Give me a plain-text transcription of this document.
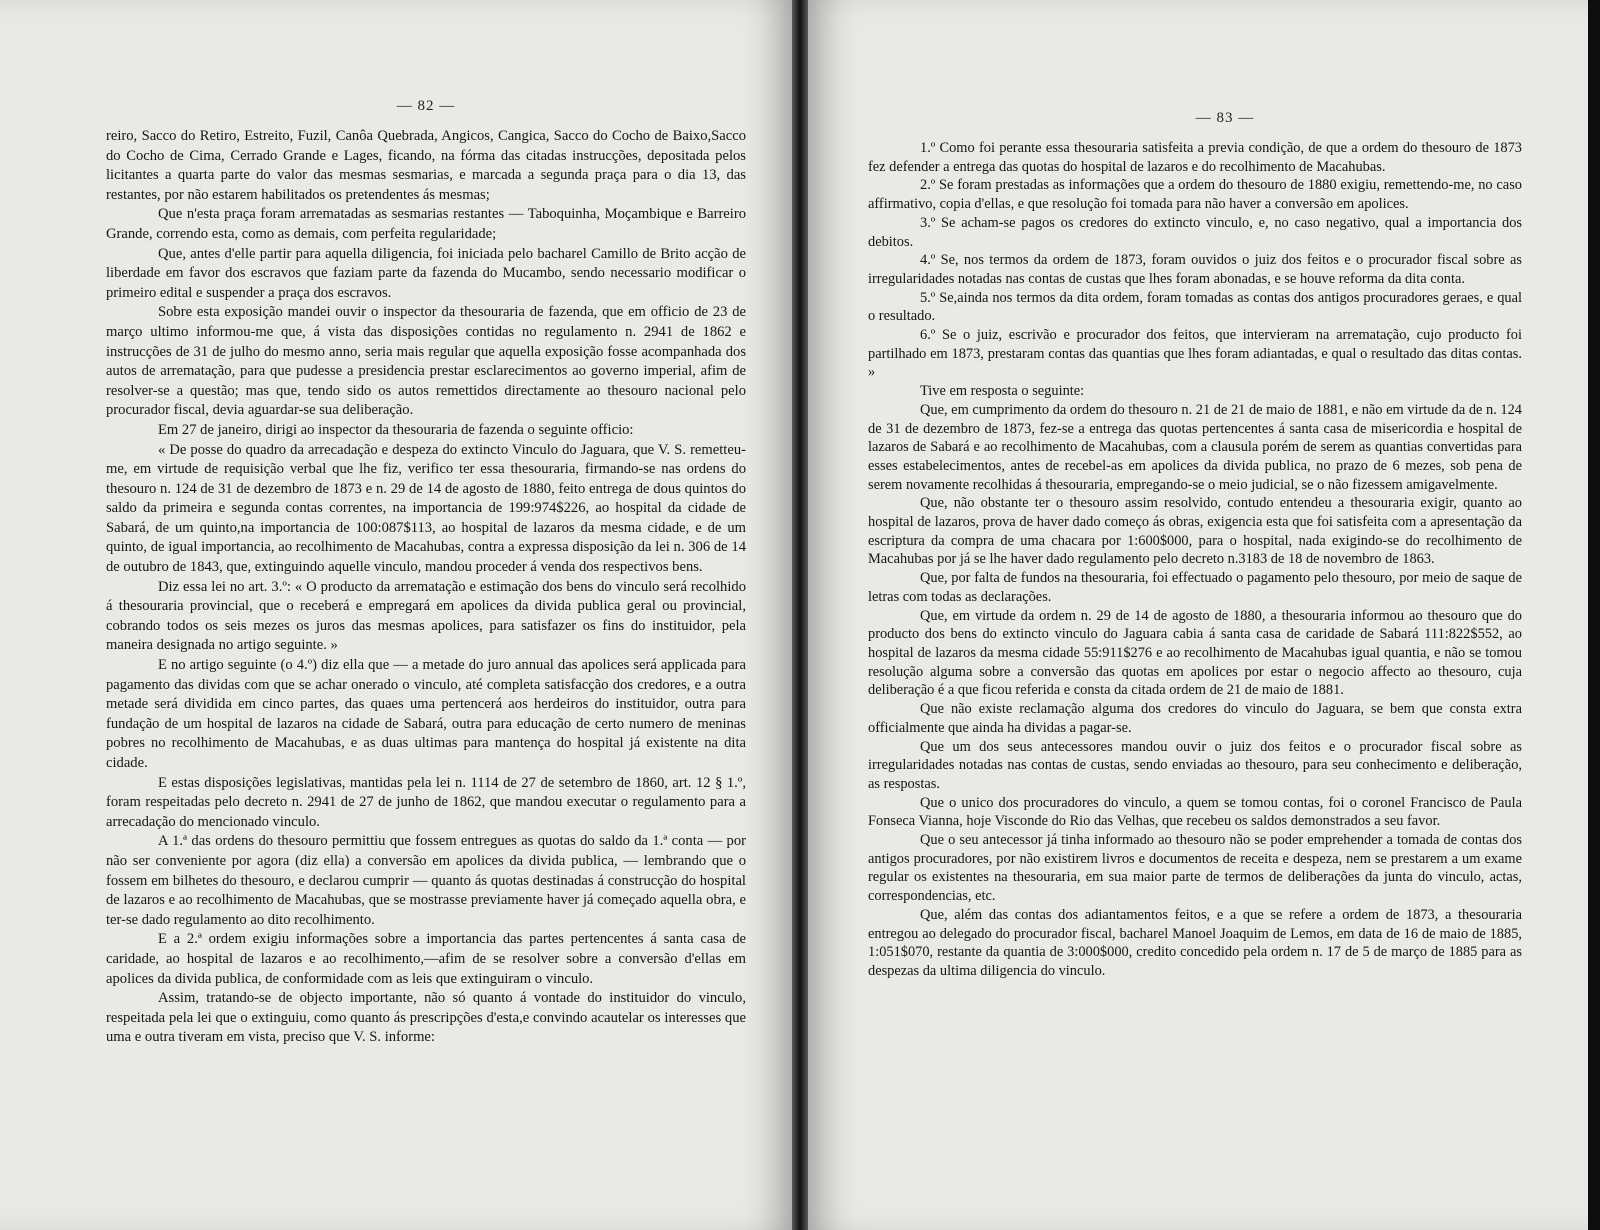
— 82 —

reiro, Sacco do Retiro, Estreito, Fuzil, Canôa Quebrada, Angicos, Cangica, Sacco do Cocho de Baixo,Sacco do Cocho de Cima, Cerrado Grande e Lages, ficando, na fórma das citadas instrucções, depositada pelos licitantes a quarta parte do valor das mesmas sesmarias, e marcada a segunda praça para o dia 13, das restantes, por não estarem habilitados os pretendentes ás mesmas;

Que n'esta praça foram arrematadas as sesmarias restantes — Taboquinha, Moçambique e Barreiro Grande, correndo esta, como as demais, com perfeita regularidade;

Que, antes d'elle partir para aquella diligencia, foi iniciada pelo bacharel Camillo de Brito acção de liberdade em favor dos escravos que faziam parte da fazenda do Mucambo, sendo necessario modificar o primeiro edital e suspender a praça dos escravos.

Sobre esta exposição mandei ouvir o inspector da thesouraria de fazenda, que em officio de 23 de março ultimo informou-me que, á vista das disposições contidas no regulamento n. 2941 de 1862 e instrucções de 31 de julho do mesmo anno, seria mais regular que aquella exposição fosse acompanhada dos autos de arrematação, para que pudesse a presidencia prestar esclarecimentos ao governo imperial, afim de resolver-se a questão; mas que, tendo sido os autos remettidos directamente ao thesouro nacional pelo procurador fiscal, devia aguardar-se sua deliberação.

Em 27 de janeiro, dirigi ao inspector da thesouraria de fazenda o seguinte officio:

« De posse do quadro da arrecadação e despeza do extincto Vinculo do Jaguara, que V. S. remetteu-me, em virtude de requisição verbal que lhe fiz, verifico ter essa thesouraria, firmando-se nas ordens do thesouro n. 124 de 31 de dezembro de 1873 e n. 29 de 14 de agosto de 1880, feito entrega de dous quintos do saldo da primeira e segunda contas correntes, na importancia de 199:974$226, ao hospital da cidade de Sabará, de um quinto,na importancia de 100:087$113, ao hospital de lazaros da mesma cidade, e de um quinto, de igual importancia, ao recolhimento de Macahubas, contra a expressa disposição da lei n. 306 de 14 de outubro de 1843, que, extinguindo aquelle vinculo, mandou proceder á venda dos respectivos bens.

Diz essa lei no art. 3.º: « O producto da arrematação e estimação dos bens do vinculo será recolhido á thesouraria provincial, que o receberá e empregará em apolices da divida publica geral ou provincial, cobrando todos os seis mezes os juros das mesmas apolices, para satisfazer os fins do instituidor, pela maneira designada no artigo seguinte. »

E no artigo seguinte (o 4.º) diz ella que — a metade do juro annual das apolices será applicada para pagamento das dividas com que se achar onerado o vinculo, até completa satisfacção dos credores, e a outra metade será dividida em cinco partes, das quaes uma pertencerá aos herdeiros do instituidor, outra para fundação de um hospital de lazaros na cidade de Sabará, outra para educação de certo numero de meninas pobres no recolhimento de Macahubas, e as duas ultimas para mantença do hospital já existente na dita cidade.

E estas disposições legislativas, mantidas pela lei n. 1114 de 27 de setembro de 1860, art. 12 § 1.º, foram respeitadas pelo decreto n. 2941 de 27 de junho de 1862, que mandou executar o regulamento para a arrecadação do mencionado vinculo.

A 1.ª das ordens do thesouro permittiu que fossem entregues as quotas do saldo da 1.ª conta — por não ser conveniente por agora (diz ella) a conversão em apolices da divida publica, — lembrando que o fossem em bilhetes do thesouro, e declarou cumprir — quanto ás quotas destinadas á construcção do hospital de lazaros e ao recolhimento de Macahubas, que se mostrasse previamente haver já começado aquella obra, e ter-se dado regulamento ao dito recolhimento.

E a 2.ª ordem exigiu informações sobre a importancia das partes pertencentes á santa casa de caridade, ao hospital de lazaros e ao recolhimento,—afim de se resolver sobre a conversão d'ellas em apolices da divida publica, de conformidade com as leis que extinguiram o vinculo.

Assim, tratando-se de objecto importante, não só quanto á vontade do instituidor do vinculo, respeitada pela lei que o extinguiu, como quanto ás prescripções d'esta,e convindo acautelar os interesses que uma e outra tiveram em vista, preciso que V. S. informe:

— 83 —

1.º Como foi perante essa thesouraria satisfeita a previa condição, de que a ordem do thesouro de 1873 fez defender a entrega das quotas do hospital de lazaros e do recolhimento de Macahubas.

2.º Se foram prestadas as informações que a ordem do thesouro de 1880 exigiu, remettendo-me, no caso affirmativo, copia d'ellas, e que resolução foi tomada para não haver a conversão em apolices.

3.º Se acham-se pagos os credores do extincto vinculo, e, no caso negativo, qual a importancia dos debitos.

4.º Se, nos termos da ordem de 1873, foram ouvidos o juiz dos feitos e o procurador fiscal sobre as irregularidades notadas nas contas de custas que lhes foram abonadas, e se houve reforma da dita conta.

5.º Se,ainda nos termos da dita ordem, foram tomadas as contas dos antigos procuradores geraes, e qual o resultado.

6.º Se o juiz, escrivão e procurador dos feitos, que intervieram na arrematação, cujo producto foi partilhado em 1873, prestaram contas das quantias que lhes foram adiantadas, e qual o resultado das ditas contas. »

Tive em resposta o seguinte:

Que, em cumprimento da ordem do thesouro n. 21 de 21 de maio de 1881, e não em virtude da de n. 124 de 31 de dezembro de 1873, fez-se a entrega das quotas pertencentes á santa casa de misericordia e hospital de lazaros de Sabará e ao recolhimento de Macahubas, com a clausula porém de serem as quantias convertidas para esses estabelecimentos, antes de recebel-as em apolices da divida publica, no prazo de 6 mezes, sob pena de serem novamente recolhidas á thesouraria, empregando-se o meio judicial, se o não fizessem amigavelmente.

Que, não obstante ter o thesouro assim resolvido, contudo entendeu a thesouraria exigir, quanto ao hospital de lazaros, prova de haver dado começo ás obras, exigencia esta que foi satisfeita com a apresentação da escriptura da compra de uma chacara por 1:600$000, para o hospital, nada exigindo-se do recolhimento de Macahubas por já se lhe haver dado regulamento pelo decreto n.3183 de 18 de novembro de 1863.

Que, por falta de fundos na thesouraria, foi effectuado o pagamento pelo thesouro, por meio de saque de letras com todas as declarações.

Que, em virtude da ordem n. 29 de 14 de agosto de 1880, a thesouraria informou ao thesouro que do producto dos bens do extincto vinculo do Jaguara cabia á santa casa de caridade de Sabará 111:822$552, ao hospital de lazaros da mesma cidade 55:911$276 e ao recolhimento de Macahubas igual quantia, e não se tomou resolução alguma sobre a conversão das quotas em apolices por estar o negocio affecto ao thesouro, cuja deliberação é a que ficou referida e consta da citada ordem de 21 de maio de 1881.

Que não existe reclamação alguma dos credores do vinculo do Jaguara, se bem que consta extra officialmente que ainda ha dividas a pagar-se.

Que um dos seus antecessores mandou ouvir o juiz dos feitos e o procurador fiscal sobre as irregularidades notadas nas contas de custas, sendo enviadas ao thesouro, para seu conhecimento e deliberação, as respostas.

Que o unico dos procuradores do vinculo, a quem se tomou contas, foi o coronel Francisco de Paula Fonseca Vianna, hoje Visconde do Rio das Velhas, que recebeu os saldos demonstrados a seu favor.

Que o seu antecessor já tinha informado ao thesouro não se poder emprehender a tomada de contas dos antigos procuradores, por não existirem livros e documentos de receita e despeza, nem se prestarem a um exame regular os existentes na thesouraria, em sua maior parte de termos de deliberações da junta do vinculo, actas, correspondencias, etc.

Que, além das contas dos adiantamentos feitos, e a que se refere a ordem de 1873, a thesouraria entregou ao delegado do procurador fiscal, bacharel Manoel Joaquim de Lemos, em data de 16 de maio de 1885, 1:051$070, restante da quantia de 3:000$000, credito concedido pela ordem n. 17 de 5 de março de 1885 para as despezas da ultima diligencia do vinculo.
